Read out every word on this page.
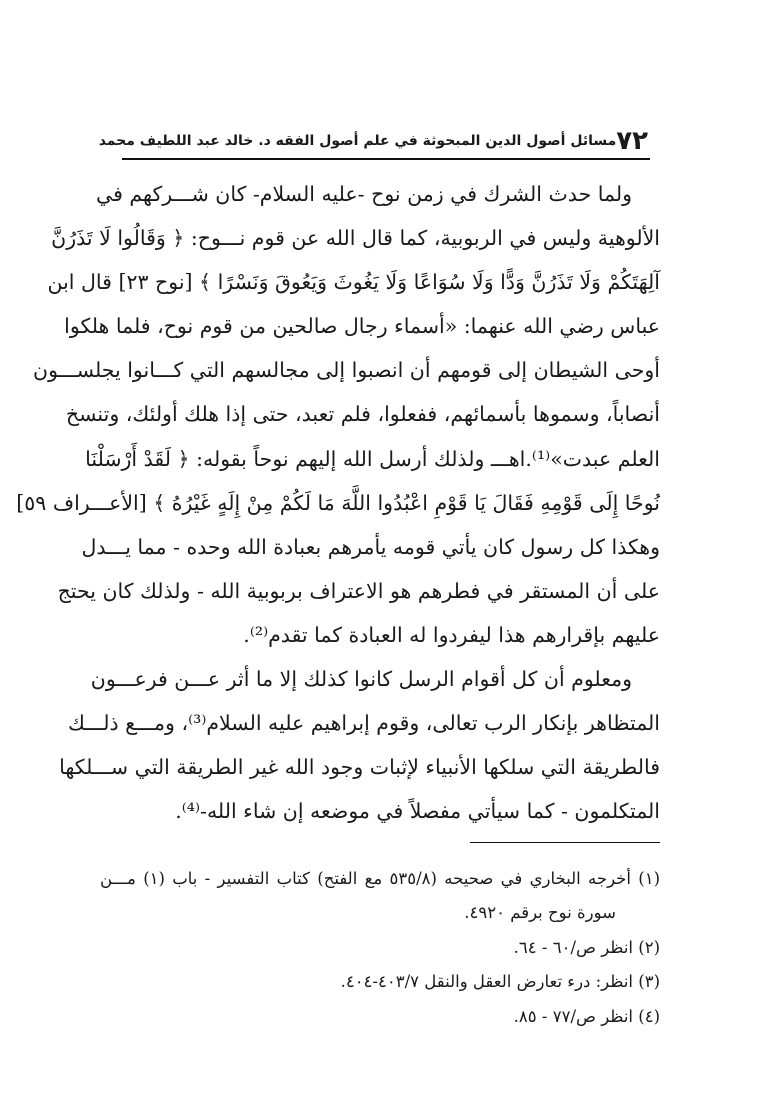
٧٢
مسائل أصول الدين المبحوثة في علم أصول الفقه د. خالد عبد اللطيف محمد
ولما حدث الشرك في زمن نوح -عليه السلام- كان شـــركهم في
الألوهية وليس في الربوبية، كما قال الله عن قوم نـــوح: ﴿ وَقَالُوا لَا تَذَرُنَّ
آلِهَتَكُمْ وَلَا تَذَرُنَّ وَدًّا وَلَا سُوَاعًا وَلَا يَغُوثَ وَيَعُوقَ وَنَسْرًا ﴾ [نوح ٢٣] قال ابن
عباس رضي الله عنهما: «أسماء رجال صالحين من قوم نوح، فلما هلكوا
أوحى الشيطان إلى قومهم أن انصبوا إلى مجالسهم التي كـــانوا يجلســـون
أنصاباً، وسموها بأسمائهم، ففعلوا، فلم تعبد، حتى إذا هلك أولئك، وتنسخ
العلم عبدت»⁽¹⁾.اهـــ ولذلك أرسل الله إليهم نوحاً بقوله: ﴿ لَقَدْ أَرْسَلْنَا
نُوحًا إِلَى قَوْمِهِ فَقَالَ يَا قَوْمِ اعْبُدُوا اللَّهَ مَا لَكُمْ مِنْ إِلَهٍ غَيْرُهُ ﴾ [الأعـــراف ٥٩]
وهكذا كل رسول كان يأتي قومه يأمرهم بعبادة الله وحده - مما يـــدل
على أن المستقر في فطرهم هو الاعتراف بربوبية الله - ولذلك كان يحتج
عليهم بإقرارهم هذا ليفردوا له العبادة كما تقدم⁽²⁾.
ومعلوم أن كل أقوام الرسل كانوا كذلك إلا ما أثر عـــن فرعـــون
المتظاهر بإنكار الرب تعالى، وقوم إبراهيم عليه السلام⁽³⁾، ومـــع ذلـــك
فالطريقة التي سلكها الأنبياء لإثبات وجود الله غير الطريقة التي ســـلكها
المتكلمون - كما سيأتي مفصلاً في موضعه إن شاء الله-⁽⁴⁾.
(١) أخرجه البخاري في صحيحه (٥٣٥/٨ مع الفتح) كتاب التفسير - باب (١) مـــن
سورة نوح برقم ٤٩٢٠.
(٢) انظر ص/٦٠ - ٦٤.
(٣) انظر: درء تعارض العقل والنقل ٤٠٣/٧-٤٠٤.
(٤) انظر ص/٧٧ - ٨٥.
